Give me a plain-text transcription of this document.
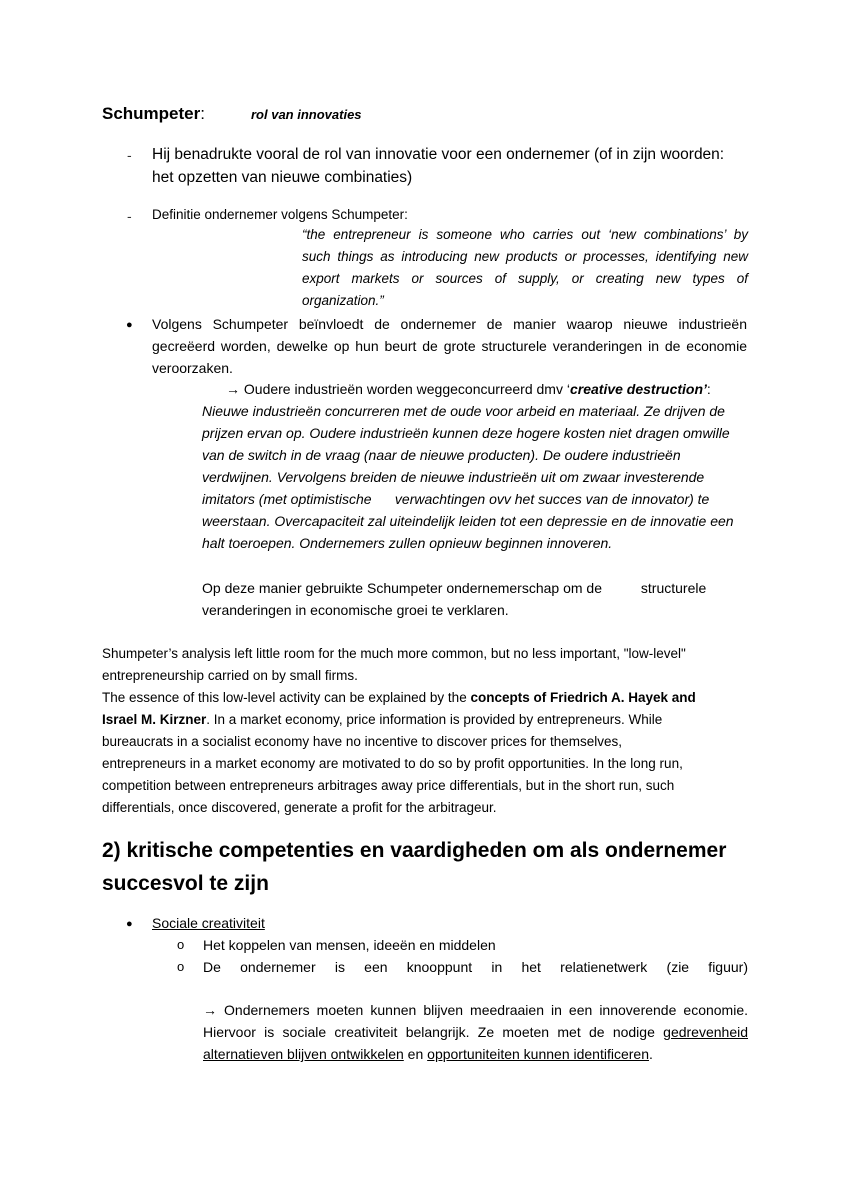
Schumpeter:	rol van innovaties
- Hij benadrukte vooral de rol van innovatie voor een ondernemer (of in zijn woorden:
het opzetten van nieuwe combinaties)
- Definitie ondernemer volgens Schumpeter:
“the entrepreneur is someone who carries out ‘new combinations’ by
such things as introducing new products or processes, identifying new
export markets or sources of supply, or creating new types of
organization.”
● Volgens Schumpeter beïnvloedt de ondernemer de manier waarop nieuwe industrieën
gecreëerd worden, dewelke op hun beurt de grote structurele veranderingen in de economie
veroorzaken.
→ Oudere industrieën worden weggeconcurreerd dmv ‘creative destruction’:
Nieuwe industrieën concurreren met de oude voor arbeid en materiaal. Ze drijven de
prijzen ervan op. Oudere industrieën kunnen deze hogere kosten niet dragen omwille
van de switch in de vraag (naar de nieuwe producten). De oudere industrieën
verdwijnen. Vervolgens breiden de nieuwe industrieën uit om zwaar investerende
imitators (met optimistische      verwachtingen ovv het succes van de innovator) te
weerstaan. Overcapaciteit zal uiteindelijk leiden tot een depressie en de innovatie een
halt toeroepen. Ondernemers zullen opnieuw beginnen innoveren.
Op deze manier gebruikte Schumpeter ondernemerschap om de          structurele
veranderingen in economische groei te verklaren.
Shumpeter’s analysis left little room for the much more common, but no less important, "low-level"
entrepreneurship carried on by small firms.
The essence of this low-level activity can be explained by the concepts of Friedrich A. Hayek and
Israel M. Kirzner. In a market economy, price information is provided by entrepreneurs. While
bureaucrats in a socialist economy have no incentive to discover prices for themselves,
entrepreneurs in a market economy are motivated to do so by profit opportunities. In the long run,
competition between entrepreneurs arbitrages away price differentials, but in the short run, such
differentials, once discovered, generate a profit for the arbitrageur.
2) kritische competenties en vaardigheden om als ondernemer
succesvol te zijn
● Sociale creativiteit
o Het koppelen van mensen, ideeën en middelen
o De ondernemer is een knooppunt in het relatienetwerk (zie figuur)
→ Ondernemers moeten kunnen blijven meedraaien in een innoverende economie.
Hiervoor is sociale creativiteit belangrijk. Ze moeten met de nodige gedrevenheid
alternatieven blijven ontwikkelen en opportuniteiten kunnen identificeren.
